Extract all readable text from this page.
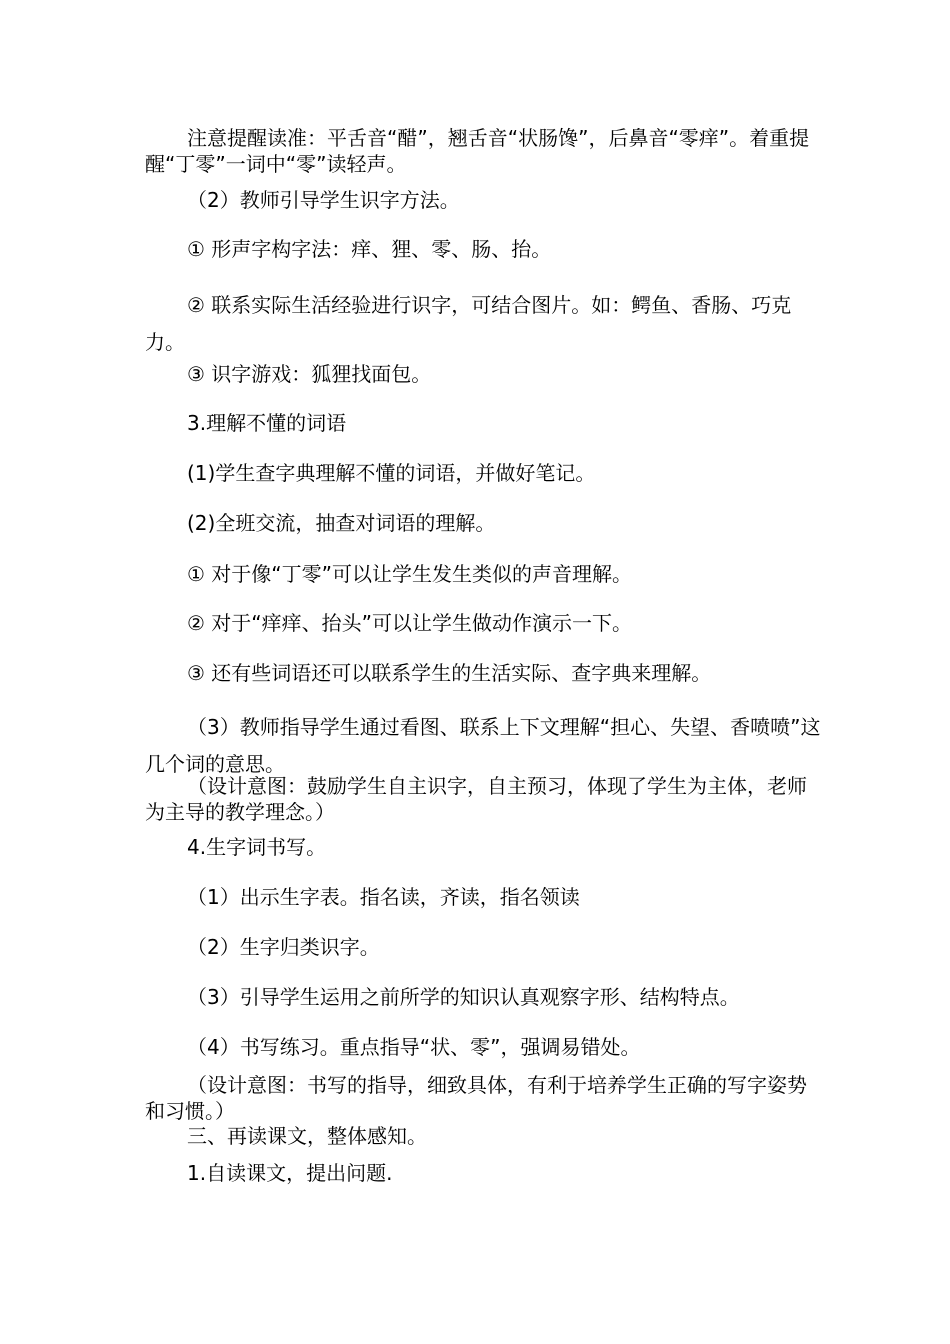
注意提醒读准：平舌音“醋”，翘舌音“状肠馋”，后鼻音“零痒”。着重提醒“丁零”一词中“零”读轻声。

（2）教师引导学生识字方法。

① 形声字构字法：痒、狸、零、肠、抬。

② 联系实际生活经验进行识字，可结合图片。如：鳄鱼、香肠、巧克力。

③ 识字游戏：狐狸找面包。

3.理解不懂的词语

(1)学生查字典理解不懂的词语，并做好笔记。

(2)全班交流，抽查对词语的理解。

① 对于像“丁零”可以让学生发生类似的声音理解。

② 对于“痒痒、抬头”可以让学生做动作演示一下。

③ 还有些词语还可以联系学生的生活实际、查字典来理解。

（3）教师指导学生通过看图、联系上下文理解“担心、失望、香喷喷”这几个词的意思。

（设计意图：鼓励学生自主识字，自主预习，体现了学生为主体，老师为主导的教学理念。）

4.生字词书写。

（1）出示生字表。指名读，齐读，指名领读

（2）生字归类识字。

（3）引导学生运用之前所学的知识认真观察字形、结构特点。

（4）书写练习。重点指导“状、零”，强调易错处。

（设计意图：书写的指导，细致具体，有利于培养学生正确的写字姿势和习惯。）

三、再读课文，整体感知。

1.自读课文，提出问题.
